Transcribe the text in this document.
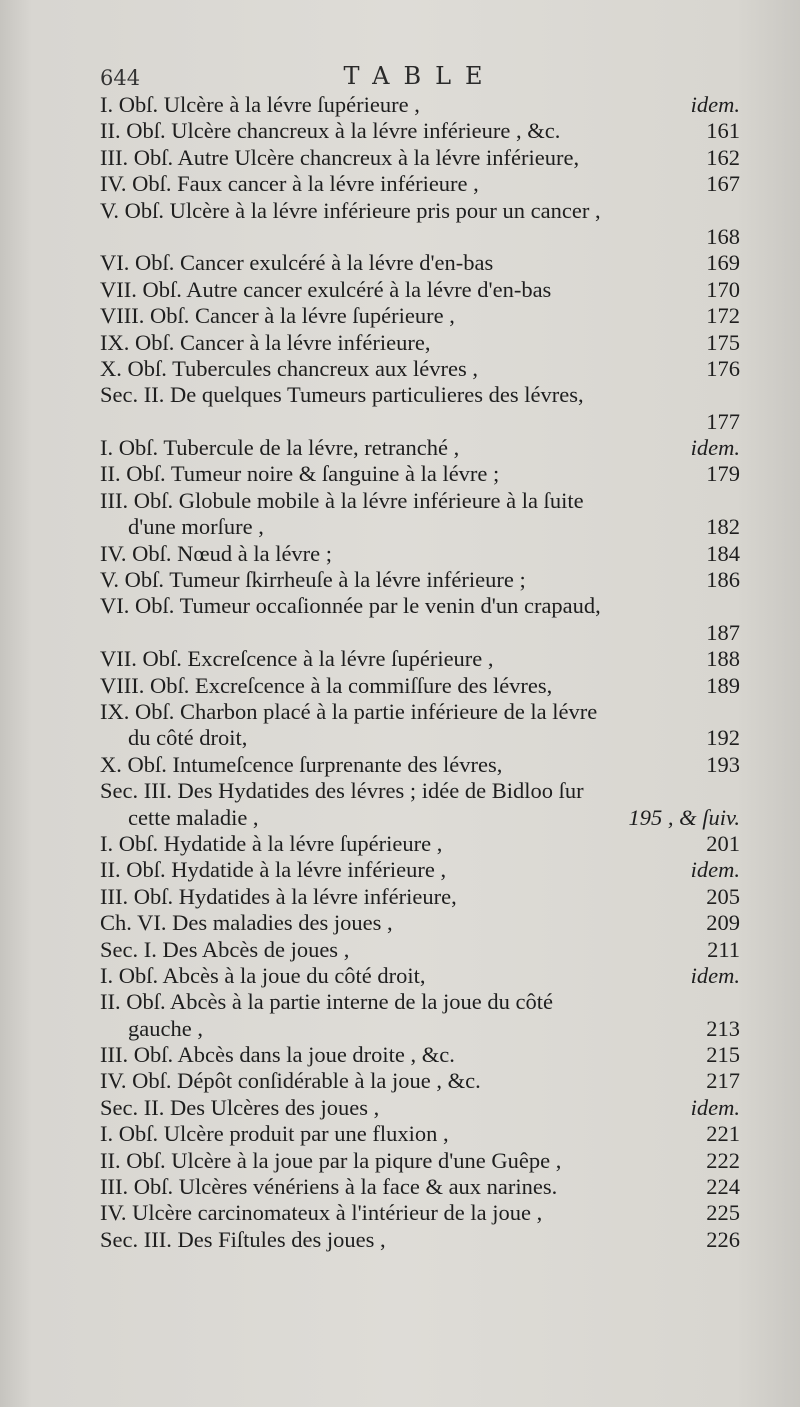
644	TABLE
I. Obſ. Ulcère à la lévre ſupérieure ,	idem.
II. Obſ. Ulcère chancreux à la lévre inférieure , &c.	161
III. Obſ. Autre Ulcère chancreux à la lévre inférieure,	162
IV. Obſ. Faux cancer à la lévre inférieure ,	167
V. Obſ. Ulcère à la lévre inférieure pris pour un cancer ,
168
VI. Obſ. Cancer exulcéré à la lévre d'en-bas	169
VII. Obſ. Autre cancer exulcéré à la lévre d'en-bas	170
VIII. Obſ. Cancer à la lévre ſupérieure ,	172
IX. Obſ. Cancer à la lévre inférieure,	175
X. Obſ. Tubercules chancreux aux lévres ,	176
Sec. II. De quelques Tumeurs particulieres des lévres,
177
I. Obſ. Tubercule de la lévre, retranché ,	idem.
II. Obſ. Tumeur noire & ſanguine à la lévre ;	179
III. Obſ. Globule mobile à la lévre inférieure à la ſuite
d'une morſure ,	182
IV. Obſ. Nœud à la lévre ;	184
V. Obſ. Tumeur ſkirrheuſe à la lévre inférieure ;	186
VI. Obſ. Tumeur occaſionnée par le venin d'un crapaud,
187
VII. Obſ. Excreſcence à la lévre ſupérieure ,	188
VIII. Obſ. Excreſcence à la commiſſure des lévres,	189
IX. Obſ. Charbon placé à la partie inférieure de la lévre
du côté droit,	192
X. Obſ. Intumeſcence ſurprenante des lévres,	193
Sec. III. Des Hydatides des lévres ; idée de Bidloo ſur
cette maladie ,	195 , & ſuiv.
I. Obſ. Hydatide à la lévre ſupérieure ,	201
II. Obſ. Hydatide à la lévre inférieure ,	idem.
III. Obſ. Hydatides à la lévre inférieure,	205
Ch. VI. Des maladies des joues ,	209
Sec. I. Des Abcès de joues ,	211
I. Obſ. Abcès à la joue du côté droit,	idem.
II. Obſ. Abcès à la partie interne de la joue du côté
gauche ,	213
III. Obſ. Abcès dans la joue droite , &c.	215
IV. Obſ. Dépôt conſidérable à la joue , &c.	217
Sec. II. Des Ulcères des joues ,	idem.
I. Obſ. Ulcère produit par une fluxion ,	221
II. Obſ. Ulcère à la joue par la piqure d'une Guêpe ,	222
III. Obſ. Ulcères vénériens à la face & aux narines.	224
IV. Ulcère carcinomateux à l'intérieur de la joue ,	225
Sec. III. Des Fiſtules des joues ,	226
